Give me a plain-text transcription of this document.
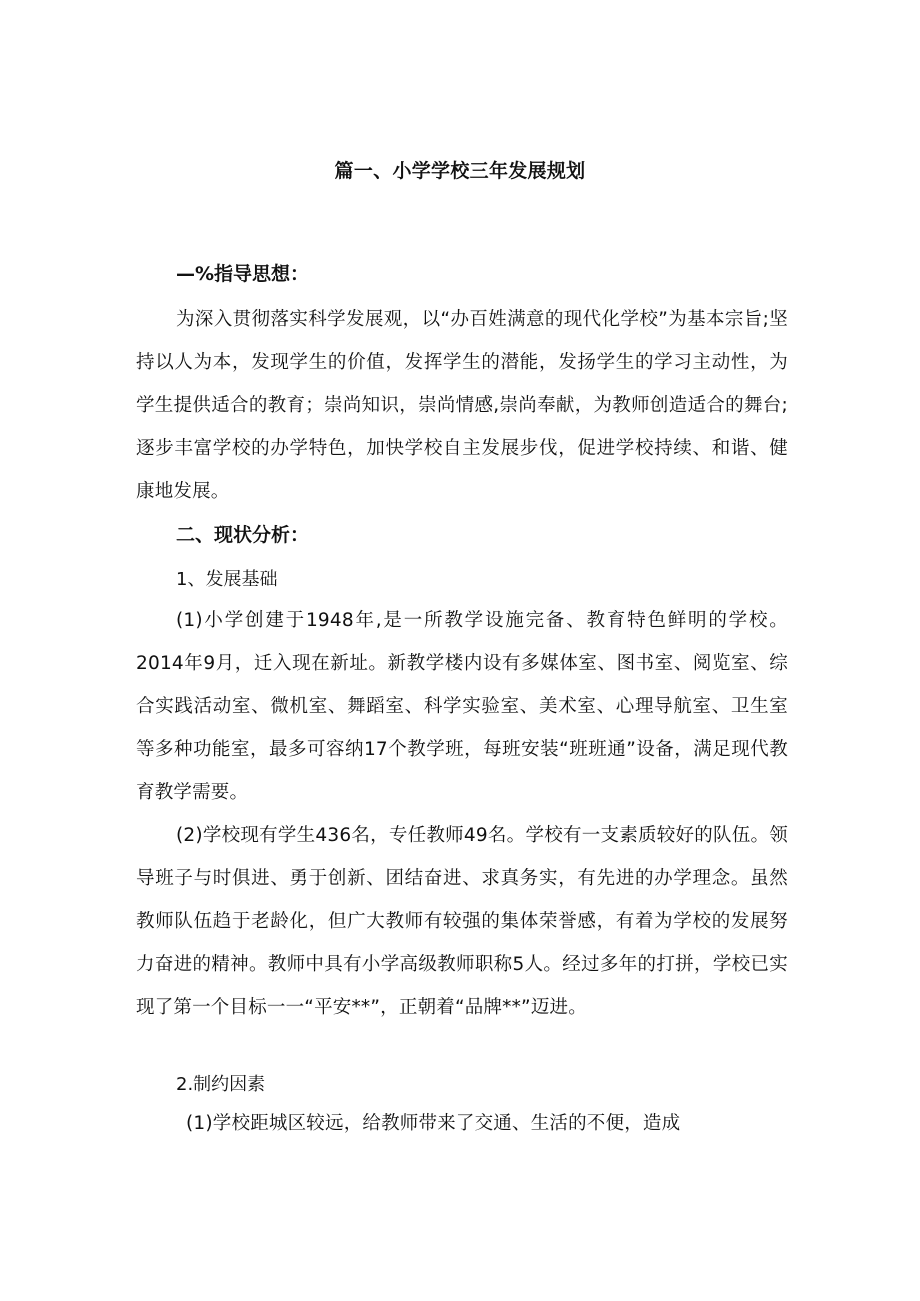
篇一、小学学校三年发展规划
—%指导思想：
为深入贯彻落实科学发展观，以“办百姓满意的现代化学校”为基本宗旨;坚持以人为本，发现学生的价值，发挥学生的潜能，发扬学生的学习主动性，为学生提供适合的教育；崇尚知识，崇尚情感,崇尚奉献，为教师创造适合的舞台;逐步丰富学校的办学特色，加快学校自主发展步伐，促进学校持续、和谐、健康地发展。
二、现状分析：
1、发展基础
(1)小学创建于1948年,是一所教学设施完备、教育特色鲜明的学校。2014年9月，迁入现在新址。新教学楼内设有多媒体室、图书室、阅览室、综合实践活动室、微机室、舞蹈室、科学实验室、美术室、心理导航室、卫生室等多种功能室，最多可容纳17个教学班，每班安装“班班通”设备，满足现代教育教学需要。
(2)学校现有学生436名，专任教师49名。学校有一支素质较好的队伍。领导班子与时俱进、勇于创新、团结奋进、求真务实，有先进的办学理念。虽然教师队伍趋于老龄化，但广大教师有较强的集体荣誉感，有着为学校的发展努力奋进的精神。教师中具有小学高级教师职称5人。经过多年的打拼，学校已实现了第一个目标一一“平安**”，正朝着“品牌**”迈进。
2.制约因素
(1)学校距城区较远，给教师带来了交通、生活的不便，造成
